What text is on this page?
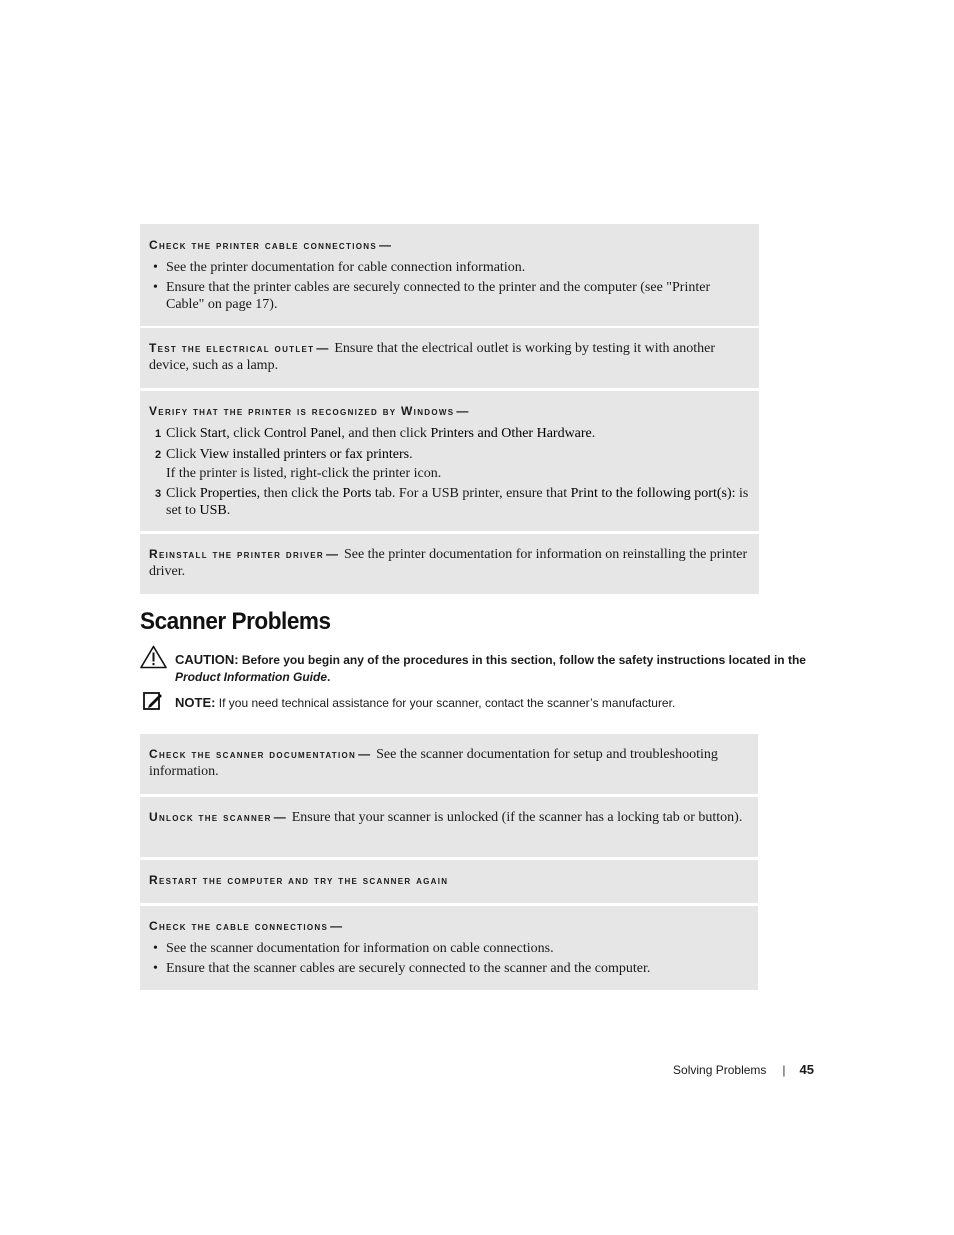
Check the printer cable connections —
• See the printer documentation for cable connection information.
• Ensure that the printer cables are securely connected to the printer and the computer (see "Printer Cable" on page 17).
Test the electrical outlet — Ensure that the electrical outlet is working by testing it with another device, such as a lamp.
Verify that the printer is recognized by Windows —
1 Click Start, click Control Panel, and then click Printers and Other Hardware.
2 Click View installed printers or fax printers.
If the printer is listed, right-click the printer icon.
3 Click Properties, then click the Ports tab. For a USB printer, ensure that Print to the following port(s): is set to USB.
Reinstall the printer driver — See the printer documentation for information on reinstalling the printer driver.
Scanner Problems
CAUTION: Before you begin any of the procedures in this section, follow the safety instructions located in the Product Information Guide.
NOTE: If you need technical assistance for your scanner, contact the scanner’s manufacturer.
Check the scanner documentation — See the scanner documentation for setup and troubleshooting information.
Unlock the scanner — Ensure that your scanner is unlocked (if the scanner has a locking tab or button).
Restart the computer and try the scanner again
Check the cable connections —
• See the scanner documentation for information on cable connections.
• Ensure that the scanner cables are securely connected to the scanner and the computer.
Solving Problems | 45
